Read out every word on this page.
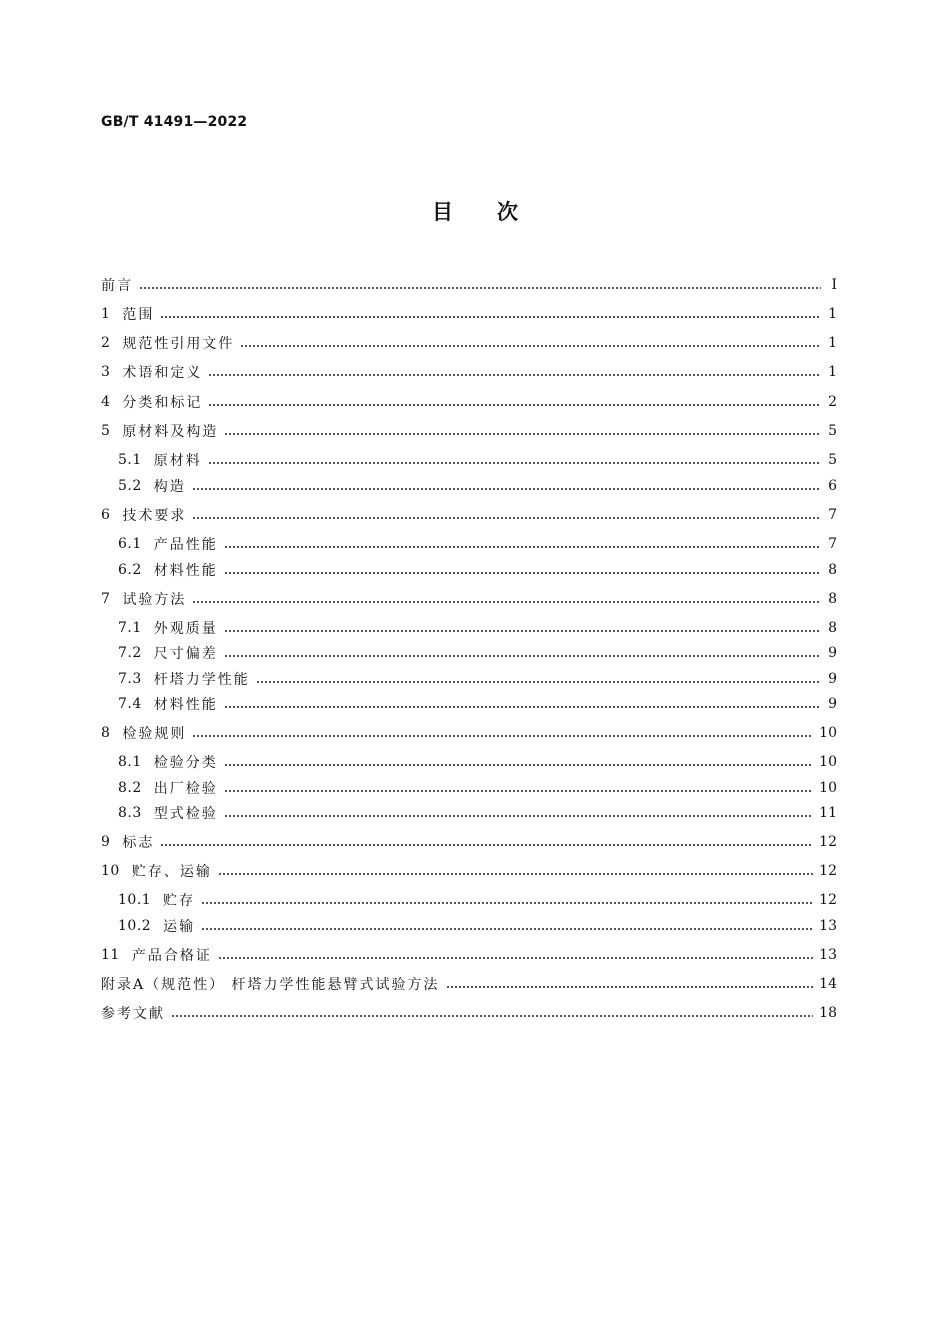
GB/T 41491—2022
目次
前言	Ⅰ
1 范围	1
2 规范性引用文件	1
3 术语和定义	1
4 分类和标记	2
5 原材料及构造	5
5.1 原材料	5
5.2 构造	6
6 技术要求	7
6.1 产品性能	7
6.2 材料性能	8
7 试验方法	8
7.1 外观质量	8
7.2 尺寸偏差	9
7.3 杆塔力学性能	9
7.4 材料性能	9
8 检验规则	10
8.1 检验分类	10
8.2 出厂检验	10
8.3 型式检验	11
9 标志	12
10 贮存、运输	12
10.1 贮存	12
10.2 运输	13
11 产品合格证	13
附录A（规范性） 杆塔力学性能悬臂式试验方法	14
参考文献	18
